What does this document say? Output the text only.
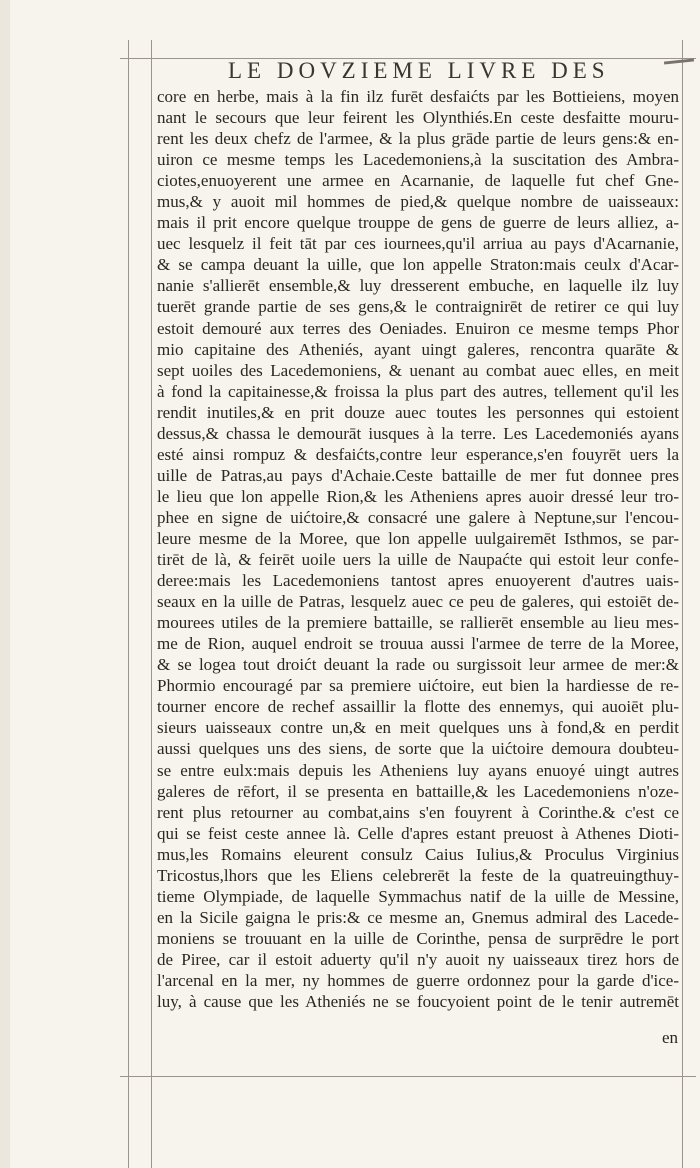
LE DOVZIEME LIVRE DES
core en herbe, mais à la fin ilz furēt desfaićts par les Bottieiens, moyen
nant le secours que leur feirent les Olynthiés.En ceste desfaitte mouru-
rent les deux chefz de l'armee, & la plus grāde partie de leurs gens:& en-
uiron ce mesme temps les Lacedemoniens,à la suscitation des Ambra-
ciotes,enuoyerent une armee en Acarnanie, de laquelle fut chef Gne-
mus,& y auoit mil hommes de pied,& quelque nombre de uaisseaux:
mais il prit encore quelque trouppe de gens de guerre de leurs alliez, a-
uec lesquelz il feit tāt par ces iournees,qu'il arriua au pays d'Acarnanie,
& se campa deuant la uille, que lon appelle Straton:mais ceulx d'Acar-
nanie s'allierēt ensemble,& luy dresserent embuche, en laquelle ilz luy
tuerēt grande partie de ses gens,& le contraignirēt de retirer ce qui luy
estoit demouré aux terres des Oeniades. Enuiron ce mesme temps Phor
mio capitaine des Atheniés, ayant uingt galeres, rencontra quarāte &
sept uoiles des Lacedemoniens, & uenant au combat auec elles, en meit
à fond la capitainesse,& froissa la plus part des autres, tellement qu'il les
rendit inutiles,& en prit douze auec toutes les personnes qui estoient
dessus,& chassa le demourāt iusques à la terre. Les Lacedemoniés ayans
esté ainsi rompuz & desfaićts,contre leur esperance,s'en fouyrēt uers la
uille de Patras,au pays d'Achaie.Ceste battaille de mer fut donnee pres
le lieu que lon appelle Rion,& les Atheniens apres auoir dressé leur tro-
phee en signe de uićtoire,& consacré une galere à Neptune,sur l'encou-
leure mesme de la Moree, que lon appelle uulgairemēt Isthmos, se par-
tirēt de là, & feirēt uoile uers la uille de Naupaćte qui estoit leur confe-
deree:mais les Lacedemoniens tantost apres enuoyerent d'autres uais-
seaux en la uille de Patras, lesquelz auec ce peu de galeres, qui estoiēt de-
mourees utiles de la premiere battaille, se rallierēt ensemble au lieu mes-
me de Rion, auquel endroit se trouua aussi l'armee de terre de la Moree,
& se logea tout droićt deuant la rade ou surgissoit leur armee de mer:&
Phormio encouragé par sa premiere uićtoire, eut bien la hardiesse de re-
tourner encore de rechef assaillir la flotte des ennemys, qui auoiēt plu-
sieurs uaisseaux contre un,& en meit quelques uns à fond,& en perdit
aussi quelques uns des siens, de sorte que la uićtoire demoura doubteu-
se entre eulx:mais depuis les Atheniens luy ayans enuoyé uingt autres
galeres de rēfort, il se presenta en battaille,& les Lacedemoniens n'oze-
rent plus retourner au combat,ains s'en fouyrent à Corinthe.& c'est ce
qui se feist ceste annee là. Celle d'apres estant preuost à Athenes Dioti-
mus,les Romains eleurent consulz Caius Iulius,& Proculus Virginius
Tricostus,lhors que les Eliens celebrerēt la feste de la quatreuingthuy-
tieme Olympiade, de laquelle Symmachus natif de la uille de Messine,
en la Sicile gaigna le pris:& ce mesme an, Gnemus admiral des Lacede-
moniens se trouuant en la uille de Corinthe, pensa de surprēdre le port
de Piree, car il estoit aduerty qu'il n'y auoit ny uaisseaux tirez hors de
l'arcenal en la mer, ny hommes de guerre ordonnez pour la garde d'ice-
luy, à cause que les Atheniés ne se foucyoient point de le tenir autremēt
en
